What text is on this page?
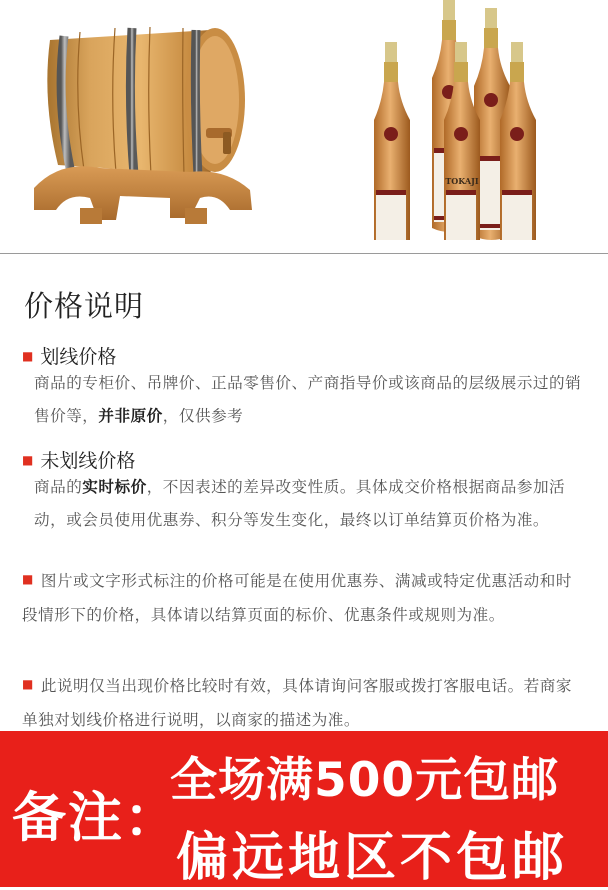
TOKAJI
价格说明
■ 划线价格
商品的专柜价、吊牌价、正品零售价、产商指导价或该商品的层级展示过的销售价等，并非原价，仅供参考
■ 未划线价格
商品的实时标价，不因表述的差异改变性质。具体成交价格根据商品参加活动，或会员使用优惠券、积分等发生变化，最终以订单结算页价格为准。
■ 图片或文字形式标注的价格可能是在使用优惠券、满减或特定优惠活动和时段情形下的价格，具体请以结算页面的标价、优惠条件或规则为准。
■ 此说明仅当出现价格比较时有效，具体请询问客服或拨打客服电话。若商家单独对划线价格进行说明，以商家的描述为准。
备注：
全场满500元包邮
偏远地区不包邮
